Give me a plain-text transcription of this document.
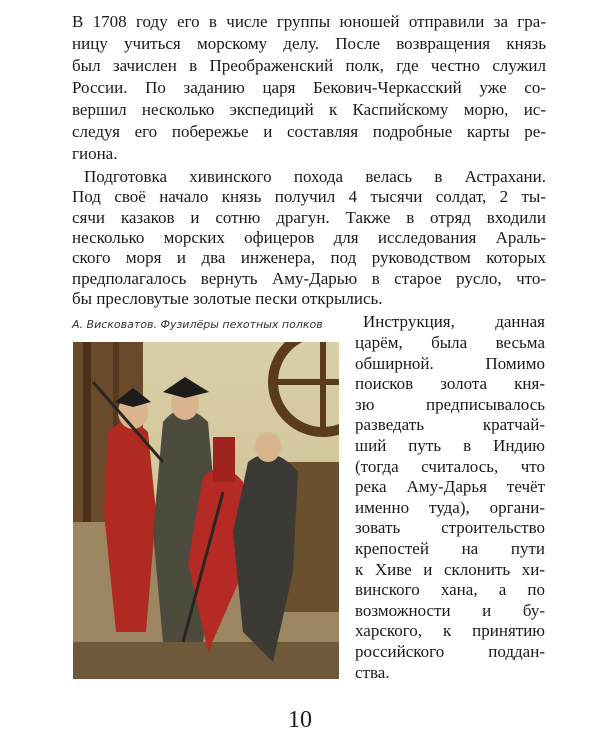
В 1708 году его в числе группы юношей отправили за гра-
ницу учиться морскому делу. После возвращения князь
был зачислен в Преображенский полк, где честно служил
России. По заданию царя Бекович-Черкасский уже со-
вершил несколько экспедиций к Каспийскому морю, ис-
следуя его побережье и составляя подробные карты ре-
гиона.
Подготовка хивинского похода велась в Астрахани.
Под своё начало князь получил 4 тысячи солдат, 2 ты-
сячи казаков и сотню драгун. Также в отряд входили
несколько морских офицеров для исследования Араль-
ского моря и два инженера, под руководством которых
предполагалось вернуть Аму-Дарью в старое русло, что-
бы пресловутые золотые пески открылись.
Инструкция, данная
А. Висковатов. Фузилёры пехотных полков
царём, была весьма
обширной. Помимо
поисков золота кня-
зю предписывалось
разведать кратчай-
ший путь в Индию
(тогда считалось, что
река Аму-Дарья течёт
именно туда), органи-
зовать строительство
крепостей на пути
к Хиве и склонить хи-
винского хана, а по
возможности и бу-
харского, к принятию
российского поддан-
ства.
10
